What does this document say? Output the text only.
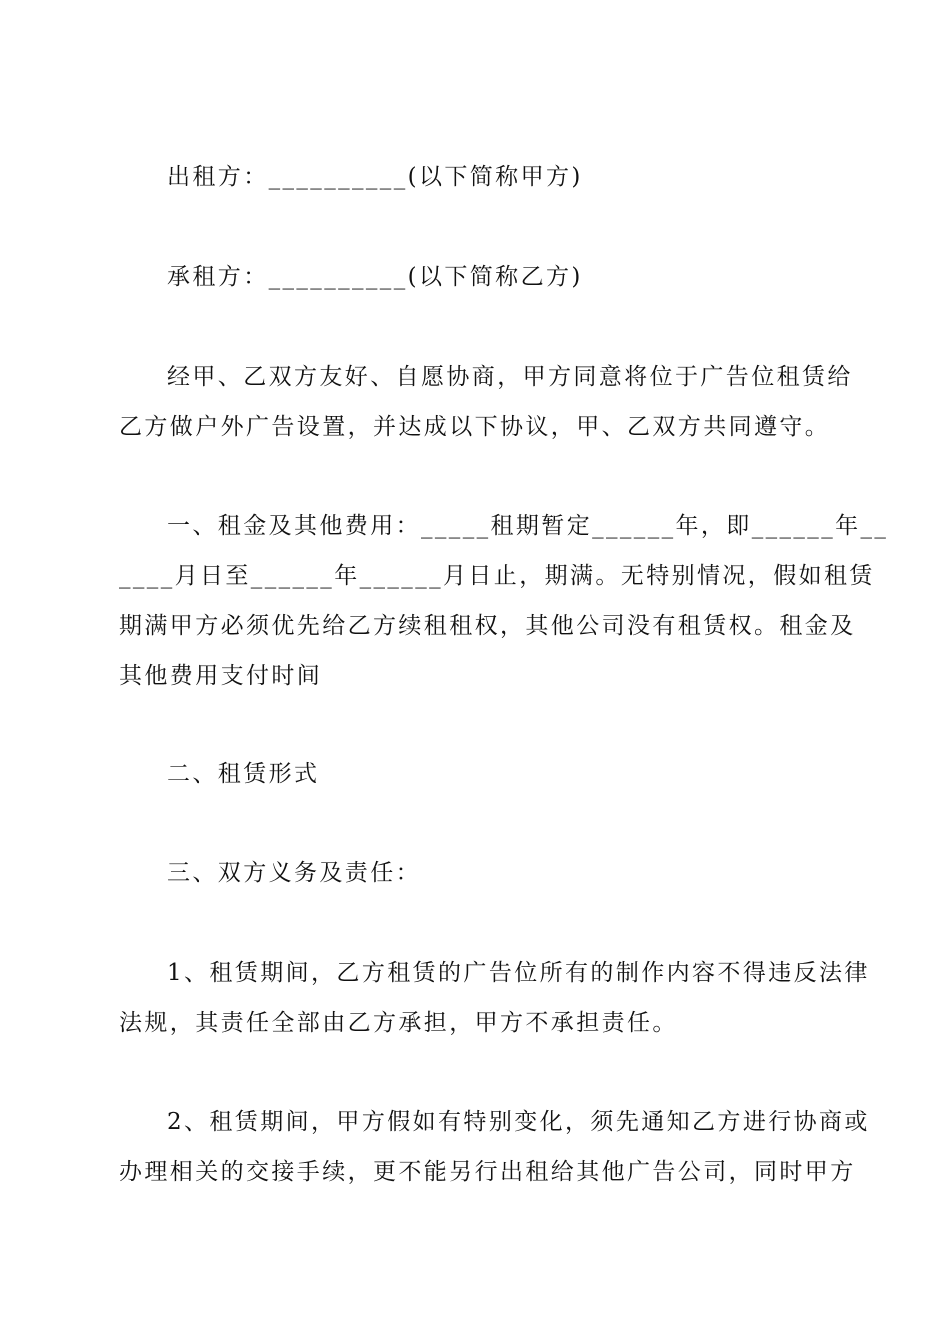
出租方：__________(以下简称甲方)

承租方：__________(以下简称乙方)

经甲、乙双方友好、自愿协商，甲方同意将位于广告位租赁给
乙方做户外广告设置，并达成以下协议，甲、乙双方共同遵守。

一、租金及其他费用：_____租期暂定______年，即______年__
____月日至______年______月日止，期满。无特别情况，假如租赁
期满甲方必须优先给乙方续租租权，其他公司没有租赁权。租金及
其他费用支付时间

二、租赁形式

三、双方义务及责任：

1、租赁期间，乙方租赁的广告位所有的制作内容不得违反法律
法规，其责任全部由乙方承担，甲方不承担责任。

2、租赁期间，甲方假如有特别变化，须先通知乙方进行协商或
办理相关的交接手续，更不能另行出租给其他广告公司，同时甲方
